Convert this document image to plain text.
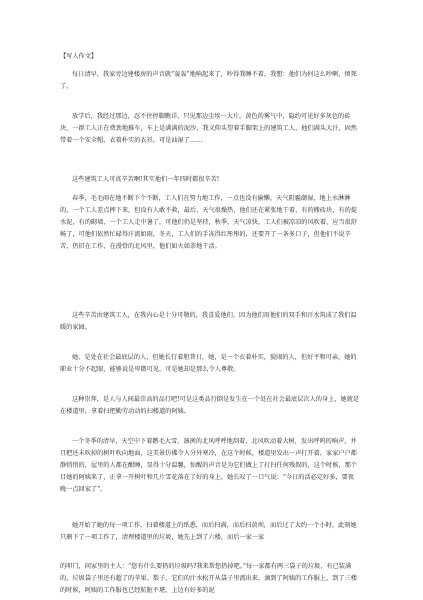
【写人作文】

每日清早，我家旁边建楼房的声音就“轰轰”地响起来了，吵得我睡不着，我想：他们为何这么吵啊，烦死了。

放学后，我经过那边，忍不住停脚瞧详，只见那边尘埃一大片，黄色的雾气中，隐约可见好多灰色的砖块，一群工人正在费劲地推车，车上是满满的泥沙，我又仰头望着手脚架上的建筑工人，他们满头大汗，固然带着一个安全帽，衣着朴实的衣衫，可是汕湿了……

这些建筑工人可真辛苦啊!其实他们一年四时都很辛苦!

春季，毛毛雨在地不断下个不断，工人们在努力地工作，一点也没有偷懒，天气阴霾潮湿，地上水淋淋的，一个工人差点摔下来，但没有人敢不救，最后，天气很燥热，他们还在紧张地干着，有的搬砖块，有的提水泥，有的砌墙，一个工人走中暑了，可他们仍是坚持，秋季，天气凉快，工人们被凉凉的风吹着，应当很舒畅了，可他们依然忙碌得汗流如雨，冬天，工人们的手冻得红彤彤的，还要开了一条多口子，但他们不说辛苦，仍旧在工作，在漫骨的北风里，他们如火如荼地干活。

这些辛苦由建筑工人，在我内心是十分可敬的，我喜爱他们，因为他们用他们的双手和汗水筑成了我们温暖的家园。

她，是处在社会最底层的人，但她长行着胆普日，她，是一个衣着朴实，貌闹的人，但好平和可亲，她的职业十分不起眼，能够说是卑微可见，可是她却是那么令人尊敬。

这种崇拜，是人与人间最崇高的品行吧!可是这类品行倒是发生在一个处在社会最底层次人的身上，她就是在楼道里，拿着扫把勤劳动动的扫楼道的阿姨。

一个冬季的清早，天空中下着鹅毛大雪，凛冽的北风呼呼地刮着，北风吹动着大树，发出呼呜的响声，并且把还未吹掉的树叶吹向地面，这美景仿佛令人分外寒冷，在这个时候，楼道里发出一声打开着，家家户户都静悄悄的，屋里的人都在酣睡，显得十分温馨，惊醒的声音是为它们做上了打扫任何残叙的，这个时候，那个目她的阿姨来了，正拿一开树叶和几片雪花落在了好的身上，她长叹了一口气说：“今日的活必定好多，要夜晚一点回家了”。

她开始了她的每一项工作，扫着楼道上的纸悉，而后扫满，而后扫黄坝，而后过了大约一个小时，此刻她只剩下了一项工作了，清理楼道里的垃圾，她先上到了六楼，而后一家一家

的叩门，问家里的主人：“您有什么要扔的垃圾吗?我来帮您扔掉吧。”每一家都有两三袋子的垃圾，有已装满的，垃圾袋子里还有超了的苹果、梨子，它们的汁水松开从袋子里流出来，滴到了阿姨的工作服上，到了三楼的时候，阿姨的工作服也已经肮脏不堪，上边有好多的泥
